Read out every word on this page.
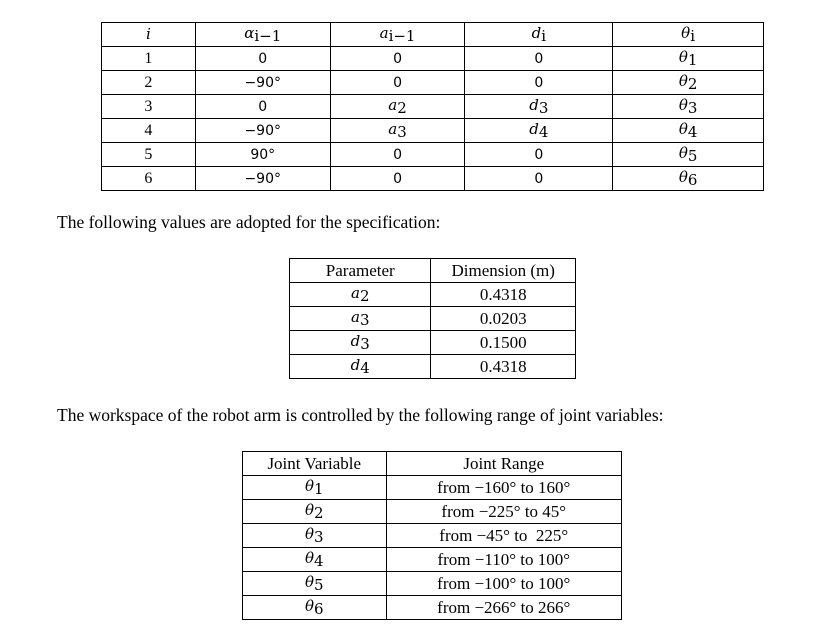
i	$\alpha_{i-1}$	$a_{i-1}$	$d_i$	$\theta_i$
1	0	0	0	$\theta_1$
2	−90°	0	0	$\theta_2$
3	0	$a_2$	$d_3$	$\theta_3$
4	−90°	$a_3$	$d_4$	$\theta_4$
5	90°	0	0	$\theta_5$
6	−90°	0	0	$\theta_6$
The following values are adopted for the specification:
Parameter	Dimension (m)
$a_2$	0.4318
$a_3$	0.0203
$d_3$	0.1500
$d_4$	0.4318
The workspace of the robot arm is controlled by the following range of joint variables:
Joint Variable	Joint Range
$\theta_1$	from −160° to 160°
$\theta_2$	from −225° to 45°
$\theta_3$	from −45° to  225°
$\theta_4$	from −110° to 100°
$\theta_5$	from −100° to 100°
$\theta_6$	from −266° to 266°
